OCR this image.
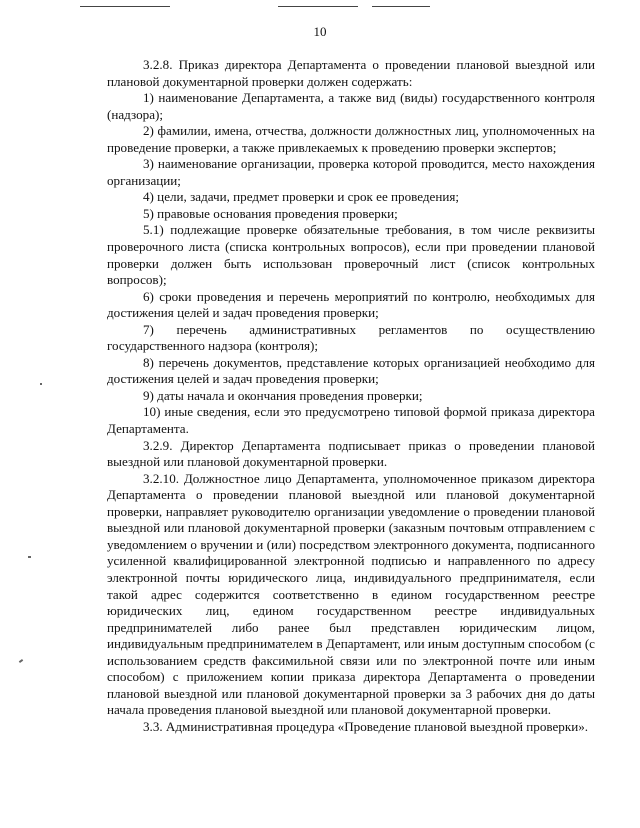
10

3.2.8. Приказ директора Департамента о проведении плановой выездной или плановой документарной проверки должен содержать:

1) наименование Департамента, а также вид (виды) государственного контроля (надзора);

2) фамилии, имена, отчества, должности должностных лиц, уполномоченных на проведение проверки, а также привлекаемых к проведению проверки экспертов;

3) наименование организации, проверка которой проводится, место нахождения организации;

4) цели, задачи, предмет проверки и срок ее проведения;

5) правовые основания проведения проверки;

5.1) подлежащие проверке обязательные требования, в том числе реквизиты проверочного листа (списка контрольных вопросов), если при проведении плановой проверки должен быть использован проверочный лист (список контрольных вопросов);

6) сроки проведения и перечень мероприятий по контролю, необходимых для достижения целей и задач проведения проверки;

7) перечень административных регламентов по осуществлению государственного надзора (контроля);

8) перечень документов, представление которых организацией необходимо для достижения целей и задач проведения проверки;

9) даты начала и окончания проведения проверки;

10) иные сведения, если это предусмотрено типовой формой приказа директора Департамента.

3.2.9. Директор Департамента подписывает приказ о проведении плановой выездной или плановой документарной проверки.

3.2.10. Должностное лицо Департамента, уполномоченное приказом директора Департамента о проведении плановой выездной или плановой документарной проверки, направляет руководителю организации уведомление о проведении плановой выездной или плановой документарной проверки (заказным почтовым отправлением с уведомлением о вручении и (или) посредством электронного документа, подписанного усиленной квалифицированной электронной подписью и направленного по адресу электронной почты юридического лица, индивидуального предпринимателя, если такой адрес содержится соответственно в едином государственном реестре юридических лиц, едином государственном реестре индивидуальных предпринимателей либо ранее был представлен юридическим лицом, индивидуальным предпринимателем в Департамент, или иным доступным способом (с использованием средств факсимильной связи или по электронной почте или иным способом) с приложением копии приказа директора Департамента о проведении плановой выездной или плановой документарной проверки за 3 рабочих дня до даты начала проведения плановой выездной или плановой документарной проверки.

3.3. Административная процедура «Проведение плановой выездной проверки».
